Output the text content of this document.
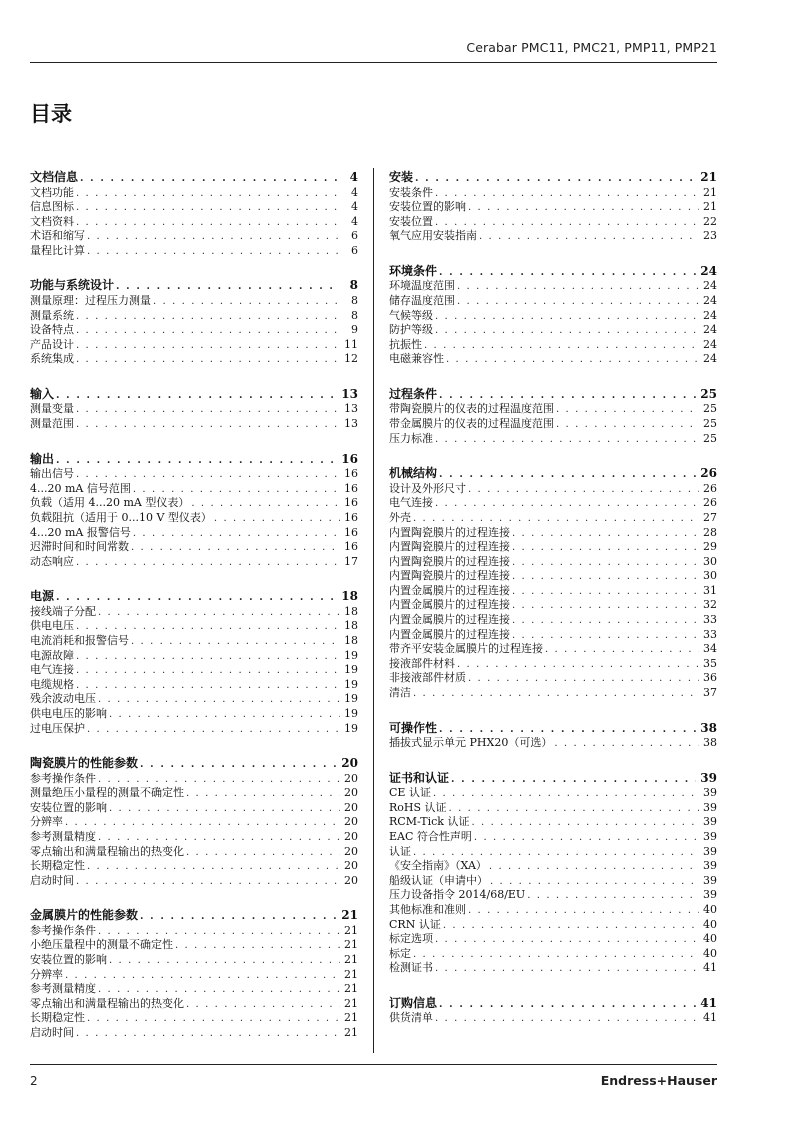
Cerabar PMC11, PMC21, PMP11, PMP21
目录
文档信息 . . .	4
文档功能 . . .	4
信息图标 . . .	4
文档资料 . . .	4
术语和缩写 . . .	6
量程比计算 . . .	6
功能与系统设计 . . .	8
测量原理：过程压力测量 . . .	8
测量系统 . . .	8
设备特点 . . .	9
产品设计 . . .	11
系统集成 . . .	12
输入 . . .	13
测量变量 . . .	13
测量范围 . . .	13
输出 . . .	16
输出信号 . . .	16
4...20 mA 信号范围 . . .	16
负载（适用 4...20 mA 型仪表） . . .	16
负载阻抗（适用于 0...10 V 型仪表） . . .	16
4...20 mA 报警信号 . . .	16
迟滞时间和时间常数 . . .	16
动态响应 . . .	17
电源 . . .	18
接线端子分配 . . .	18
供电电压 . . .	18
电流消耗和报警信号 . . .	18
电源故障 . . .	19
电气连接 . . .	19
电缆规格 . . .	19
残余波动电压 . . .	19
供电电压的影响 . . .	19
过电压保护 . . .	19
陶瓷膜片的性能参数 . . .	20
参考操作条件 . . .	20
测量绝压小量程的测量不确定性 . . .	20
安装位置的影响 . . .	20
分辨率 . . .	20
参考测量精度 . . .	20
零点输出和满量程输出的热变化 . . .	20
长期稳定性 . . .	20
启动时间 . . .	20
金属膜片的性能参数 . . .	21
参考操作条件 . . .	21
小绝压量程中的测量不确定性 . . .	21
安装位置的影响 . . .	21
分辨率 . . .	21
参考测量精度 . . .	21
零点输出和满量程输出的热变化 . . .	21
长期稳定性 . . .	21
启动时间 . . .	21
安装 . . .	21
安装条件 . . .	21
安装位置的影响 . . .	21
安装位置 . . .	22
氧气应用安装指南 . . .	23
环境条件 . . .	24
环境温度范围 . . .	24
储存温度范围 . . .	24
气候等级 . . .	24
防护等级 . . .	24
抗振性 . . .	24
电磁兼容性 . . .	24
过程条件 . . .	25
带陶瓷膜片的仪表的过程温度范围 . . .	25
带金属膜片的仪表的过程温度范围 . . .	25
压力标准 . . .	25
机械结构 . . .	26
设计及外形尺寸 . . .	26
电气连接 . . .	26
外壳 . . .	27
内置陶瓷膜片的过程连接 . . .	28
内置陶瓷膜片的过程连接 . . .	29
内置陶瓷膜片的过程连接 . . .	30
内置陶瓷膜片的过程连接 . . .	30
内置金属膜片的过程连接 . . .	31
内置金属膜片的过程连接 . . .	32
内置金属膜片的过程连接 . . .	33
内置金属膜片的过程连接 . . .	33
带齐平安装金属膜片的过程连接 . . .	34
接液部件材料 . . .	35
非接液部件材质 . . .	36
清洁 . . .	37
可操作性 . . .	38
插拔式显示单元 PHX20（可选） . . .	38
证书和认证 . . .	39
CE 认证 . . .	39
RoHS 认证 . . .	39
RCM-Tick 认证 . . .	39
EAC 符合性声明 . . .	39
认证 . . .	39
《安全指南》（XA） . . .	39
船级认证（申请中） . . .	39
压力设备指令 2014/68/EU . . .	39
其他标准和准则 . . .	40
CRN 认证 . . .	40
标定选项 . . .	40
标定 . . .	40
检测证书 . . .	41
订购信息 . . .	41
供货清单 . . .	41
2	Endress+Hauser
